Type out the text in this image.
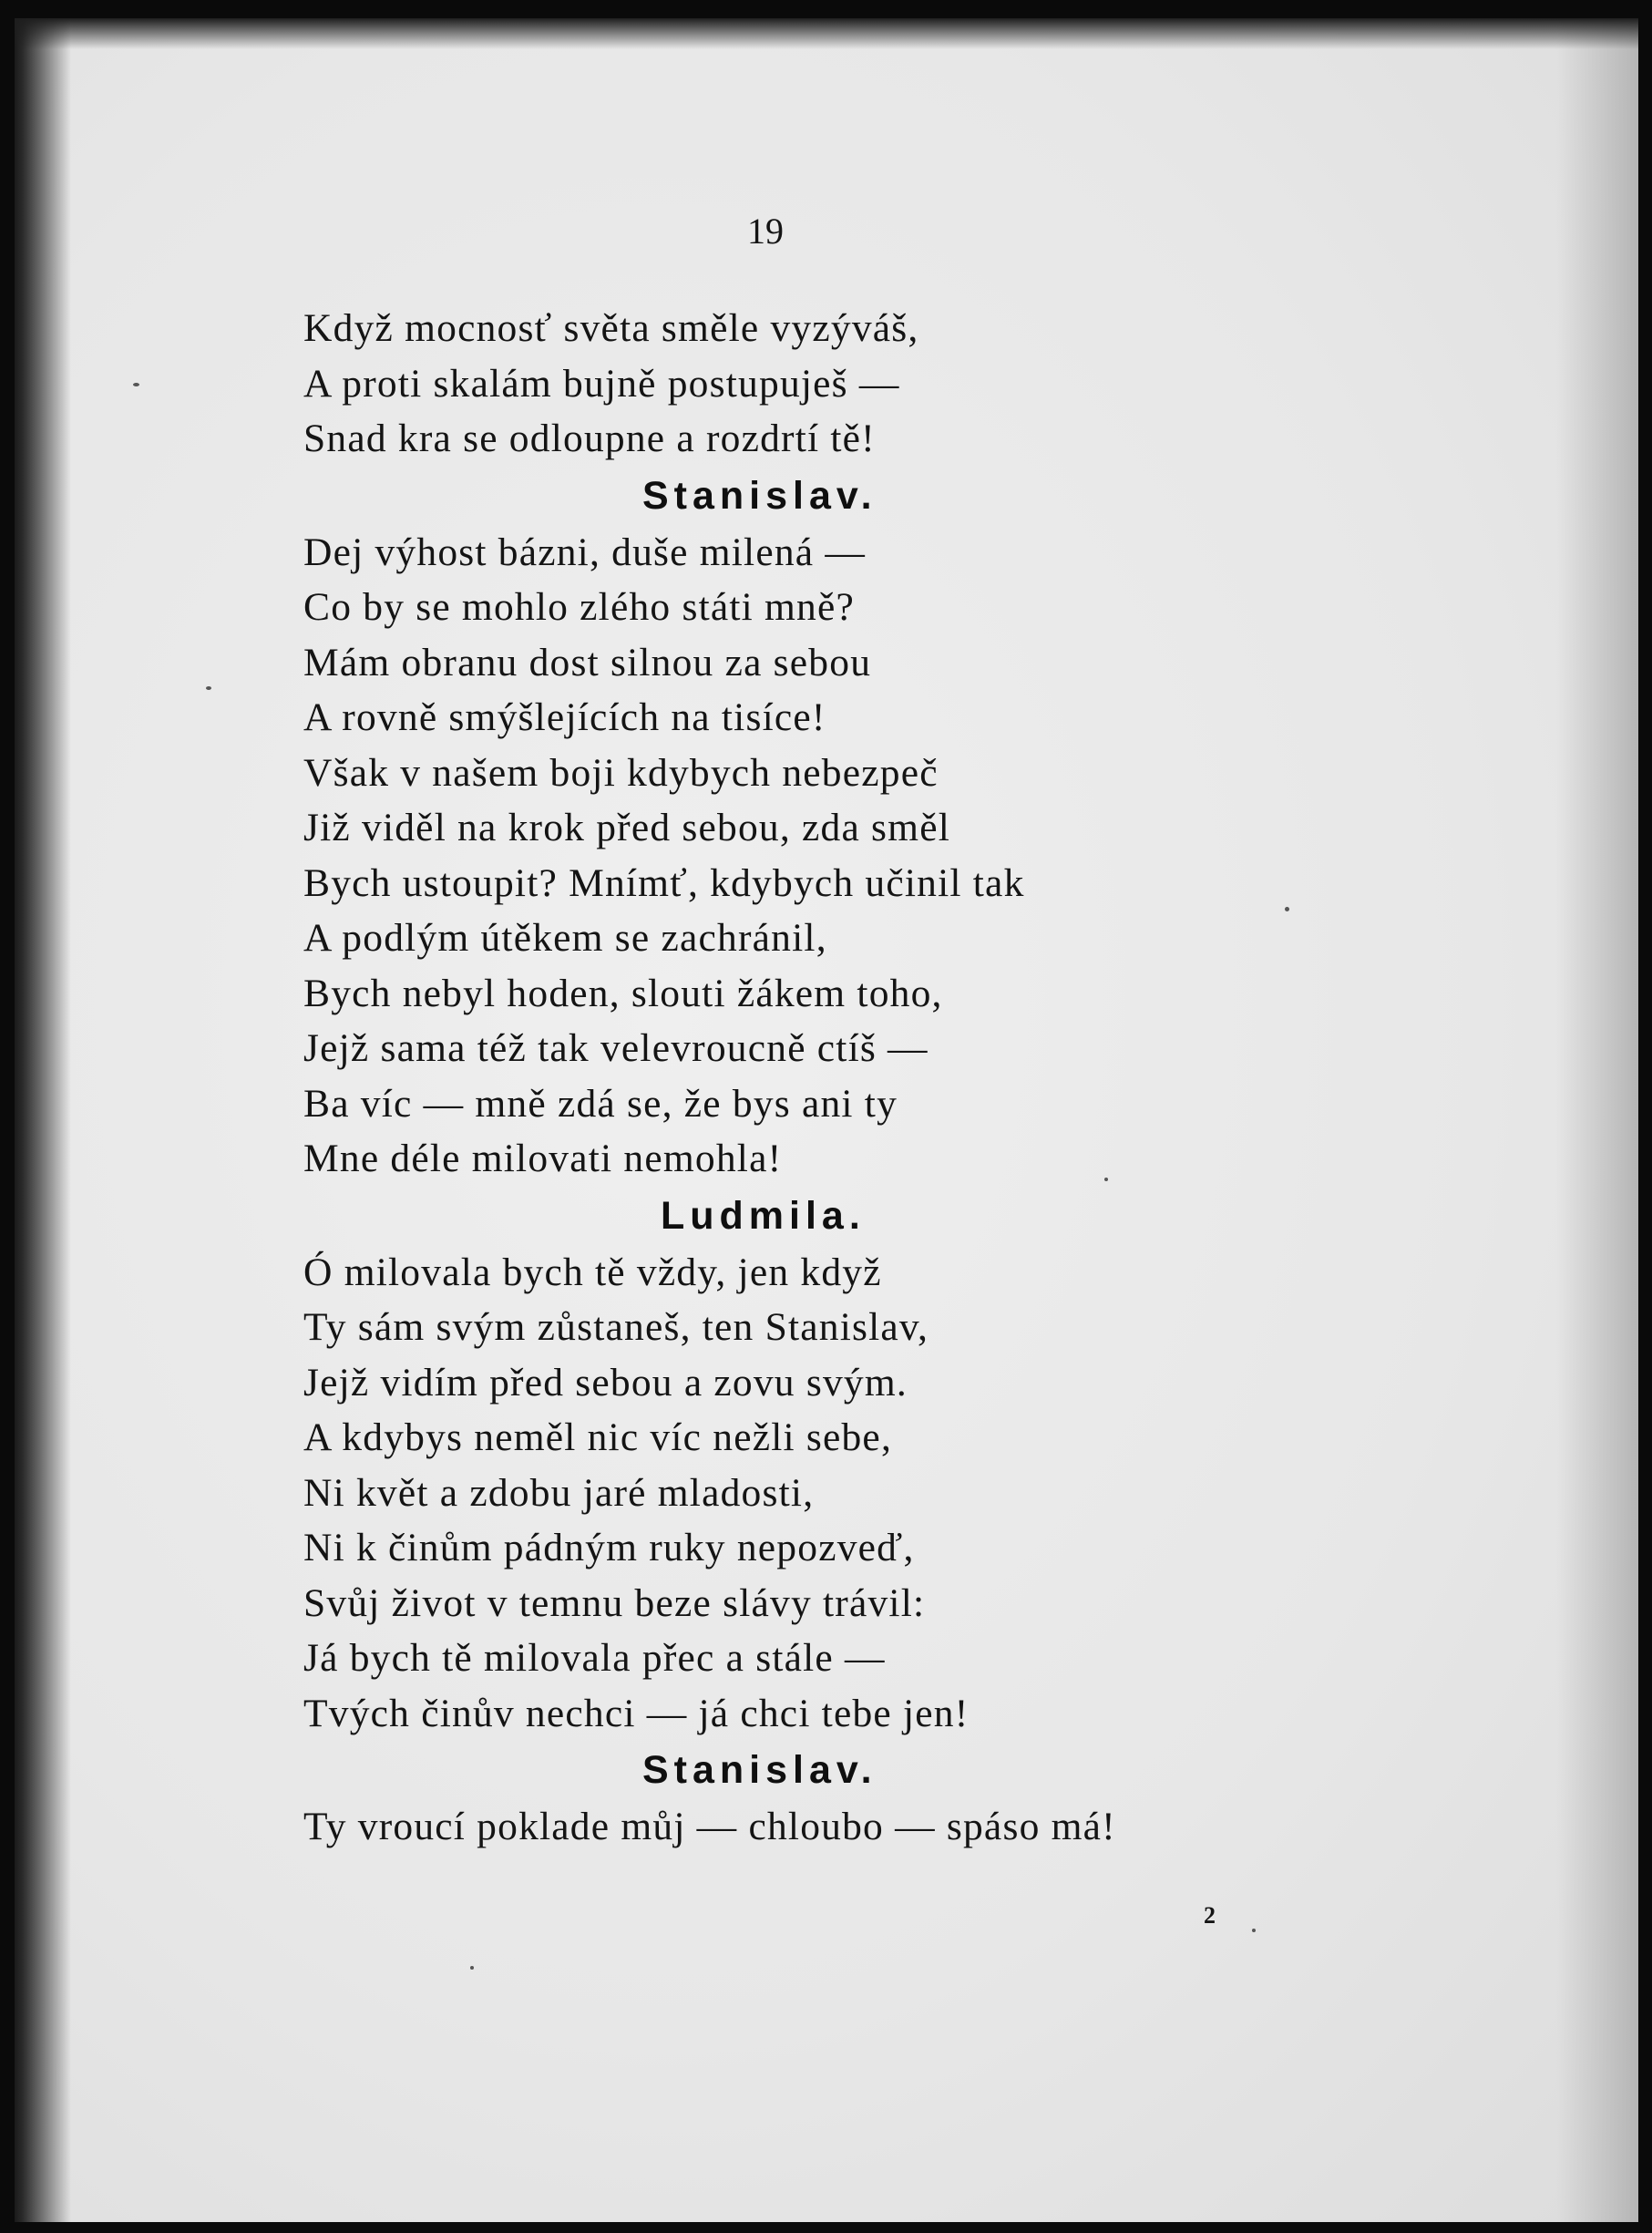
19
Když mocnosť světa směle vyzýváš,
A proti skalám bujně postupuješ —
Snad kra se odloupne a rozdrtí tě!
Stanislav.
Dej výhost bázni, duše milená —
Co by se mohlo zlého státi mně?
Mám obranu dost silnou za sebou
A rovně smýšlejících na tisíce!
Však v našem boji kdybych nebezpeč
Již viděl na krok před sebou, zda směl
Bych ustoupit? Mnímť, kdybych učinil tak
A podlým útěkem se zachránil,
Bych nebyl hoden, slouti žákem toho,
Jejž sama též tak velevroucně ctíš —
Ba víc — mně zdá se, že bys ani ty
Mne déle milovati nemohla!
Ludmila.
Ó milovala bych tě vždy, jen když
Ty sám svým zůstaneš, ten Stanislav,
Jejž vidím před sebou a zovu svým.
A kdybys neměl nic víc nežli sebe,
Ni květ a zdobu jaré mladosti,
Ni k činům pádným ruky nepozveď,
Svůj život v temnu beze slávy trávil:
Já bych tě milovala přec a stále —
Tvých činův nechci — já chci tebe jen!
Stanislav.
Ty vroucí poklade můj — chloubo — spáso má!
2
